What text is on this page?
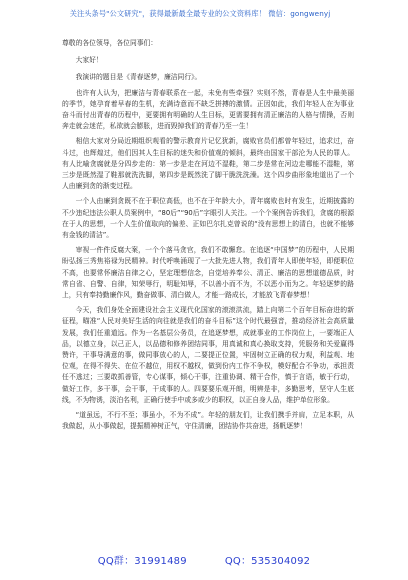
关注头条号"公文研究"，获得最新最全最专业的公文资料库！ 微信：gongwenyj

尊敬的各位领导，各位同事们：

大家好！

我演讲的题目是《青春逐梦，廉洁同行》。

也许有人认为，把廉洁与青春联系在一起，未免有些牵强？实则不然，青春是人生中最美丽的季节，她孕育着早春的生机，充满诗意而不缺乏拼搏的激情。正因如此，我们年轻人在为事业奋斗而付出青春的历程中，更要拥有明确的人生目标，更需要拥有清正廉洁的人格与情操，否则奔走就会迷茫，私欲就会膨胀，进而毁掉我们的青春乃至一生！

相信大家对分局近期组织观看的警示教育片记忆犹新，腐败官员们都曾年轻过，追求过，奋斗过，也辉煌过，他们因其人生目标的迷失和价值观的倾斜，最终由国家干部沦为人民的罪人。有人比喻贪腐就是分四步走的：第一步是走在河边不湿鞋，第二步是常在河边走哪能不湿鞋，第三步是既然湿了鞋那就洗洗脚，第四步是既然洗了脚干脆洗洗澡。这个四步曲形象地道出了一个人由廉到贪的渐变过程。

一个人由廉到贪既不在于职位高低，也不在于年龄大小，青年腐败也时有发生，近期披露的不少违纪违法公职人员案例中，“80后”“90后”字眼引人关注。一个个案例告诉我们，贪腐的根源在于人的思想，一个人生价值取向的偏差、正如巴尔扎克曾说的“没有思想上的清白，也就不能够有金钱的清洁”。

审视一件件反腐大案，一个个落马贪官，我们不敢懈怠。在追逐“中国梦”的历程中，人民期盼弘扬三秀焦裕禄为民精神。时代呼唤涌现了一大批先进人物，我们青年人即使年轻，即便职位不高，也要常怀廉洁自律之心，坚定理想信念，自觉培养奉公、清正、廉洁的思想道德品质，时常自省、自警、自律，知荣辱行，明耻知辱，不以善小而不为，不以恶小而为之。年轻逐梦的路上，只有奉持勤廉作风，勤奋做事、清白做人，才能一路成长，才能放飞青春梦想！

今天，我们身处全面建设社会主义现代化国家的滚滚洪流，踏上向第二个百年目标奋进的新征程，瞄准“人民对美好生活的向往就是我们的奋斗目标”这个时代最强音，推动经济社会高质量发展，我们任重道远。作为一名基层公务员，在追逐梦想，成就事业的工作岗位上，一要端正人品，以德立身，以己正人，以品德和修养团结同事，用真诚和真心换取支持，凭服务和关爱赢得赞许，干事导满意的事，做同事放心的人，二要提正位置，牢固树立正确的权力观，利益观、地位观，在得不得失、在位不越位，用权不越权，做到份内工作不争权，模好配合不争功，承担责任不逃过；三要敢抓善管，专心谋事，倾心干事，注重协调、精干合作，慎于言语，敏于行动，做好工作，多干事，会干事，干成事的人。四要要乐观开朗，明辨是非，多勤思考，坚守人生底线，不为物诱，淡泊名利，正确行使手中或多或少的职权，以正自身人品，维护单位形象。

“道虽远，不行不至；事虽小，不为不成”。年轻的朋友们，让我们携手并肩，立足本职，从我做起，从小事做起，提振精神树正气，守住清廉，团结协作共奋进，扬帆逐梦！

QQ群：31991489	QQ：535304092
